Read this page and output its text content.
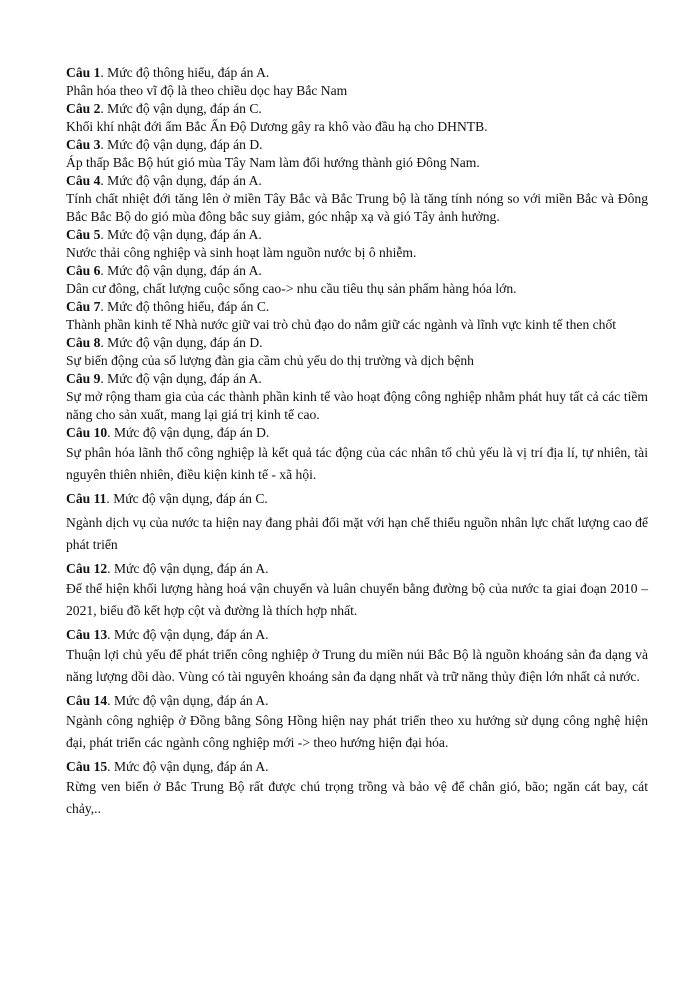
Câu 1. Mức độ thông hiểu, đáp án A.
Phân hóa theo vĩ độ là theo chiều dọc hay Bắc Nam
Câu 2. Mức độ vận dụng, đáp án C.
Khối khí nhật đới ẩm Bắc Ấn Độ Dương gây ra khô vào đầu hạ cho DHNTB.
Câu 3. Mức độ vận dụng, đáp án D.
Áp thấp Bắc Bộ hút gió mùa Tây Nam làm đổi hướng thành gió Đông Nam.
Câu 4. Mức độ vận dụng, đáp án A.
Tính chất nhiệt đới tăng lên ở miền Tây Bắc và Bắc Trung bộ là tăng tính nóng so với miền Bắc và Đông Bắc Bắc Bộ do gió mùa đông bắc suy giảm, góc nhập xạ và gió Tây ảnh hưởng.
Câu 5. Mức độ vận dụng, đáp án A.
Nước thải công nghiệp và sinh hoạt làm nguồn nước bị ô nhiễm.
Câu 6. Mức độ vận dụng, đáp án A.
Dân cư đông, chất lượng cuộc sống cao-> nhu cầu tiêu thụ sản phẩm hàng hóa lớn.
Câu 7. Mức độ thông hiểu, đáp án C.
Thành phần kinh tế Nhà nước giữ vai trò chủ đạo do nắm giữ các ngành và lĩnh vực kinh tế then chốt
Câu 8. Mức độ vận dụng, đáp án D.
Sự biến động của số lượng đàn gia cầm chủ yếu do thị trường và dịch bệnh
Câu 9. Mức độ vận dụng, đáp án A.
Sự mở rộng tham gia của các thành phần kinh tế vào hoạt động công nghiệp nhằm phát huy tất cả các tiềm năng cho sản xuất, mang lại giá trị kinh tế cao.
Câu 10. Mức độ vận dụng, đáp án D.
Sự phân hóa lãnh thổ công nghiệp là kết quả tác động của các nhân tố chủ yếu là vị trí địa lí, tự nhiên, tài nguyên thiên nhiên, điều kiện kinh tế - xã hội.
Câu 11. Mức độ vận dụng, đáp án C.
Ngành dịch vụ của nước ta hiện nay đang phải đối mặt với hạn chế thiếu nguồn nhân lực chất lượng cao để phát triển
Câu 12. Mức độ vận dụng, đáp án A.
Để thể hiện khối lượng hàng hoá vận chuyển và luân chuyển bằng đường bộ của nước ta giai đoạn 2010 – 2021, biểu đồ kết hợp cột và đường là thích hợp nhất.
Câu 13. Mức độ vận dụng, đáp án A.
Thuận lợi chủ yếu để phát triển công nghiệp ở Trung du miền núi Bắc Bộ là nguồn khoáng sản đa dạng và năng lượng dồi dào. Vùng có tài nguyên khoáng sản đa dạng nhất và trữ năng thủy điện lớn nhất cả nước.
Câu 14. Mức độ vận dụng, đáp án A.
Ngành công nghiệp ở Đồng bằng Sông Hồng hiện nay phát triển theo xu hướng sử dụng công nghệ hiện đại, phát triển các ngành công nghiệp mới -> theo hướng hiện đại hóa.
Câu 15. Mức độ vận dụng, đáp án A.
Rừng ven biển ở Bắc Trung Bộ rất được chú trọng trồng và bảo vệ để chắn gió, bão; ngăn cát bay, cát chảy,..
